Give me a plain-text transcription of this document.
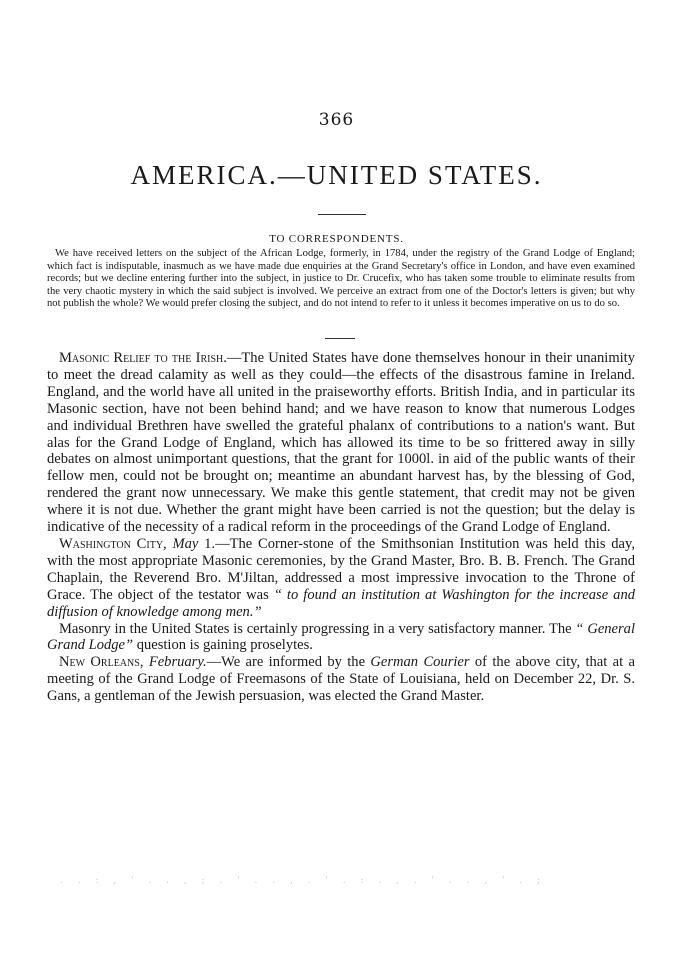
366
AMERICA.—UNITED STATES.
TO CORRESPONDENTS.

We have received letters on the subject of the African Lodge, formerly, in 1784, under the registry of the Grand Lodge of England; which fact is indisputable, inasmuch as we have made due enquiries at the Grand Secretary's office in London, and have even examined records; but we decline entering further into the subject, in justice to Dr. Crucefix, who has taken some trouble to eliminate results from the very chaotic mystery in which the said subject is involved. We perceive an extract from one of the Doctor's letters is given; but why not publish the whole? We would prefer closing the subject, and do not intend to refer to it unless it becomes imperative on us to do so.

Masonic Relief to the Irish.—The United States have done themselves honour in their unanimity to meet the dread calamity as well as they could—the effects of the disastrous famine in Ireland. England, and the world have all united in the praiseworthy efforts. British India, and in particular its Masonic section, have not been behind hand; and we have reason to know that numerous Lodges and individual Brethren have swelled the grateful phalanx of contributions to a nation's want. But alas for the Grand Lodge of England, which has allowed its time to be so frittered away in silly debates on almost unimportant questions, that the grant for 1000l. in aid of the public wants of their fellow men, could not be brought on; meantime an abundant harvest has, by the blessing of God, rendered the grant now unnecessary. We make this gentle statement, that credit may not be given where it is not due. Whether the grant might have been carried is not the question; but the delay is indicative of the necessity of a radical reform in the proceedings of the Grand Lodge of England.

Washington City, May 1.—The Corner-stone of the Smithsonian Institution was held this day, with the most appropriate Masonic ceremonies, by the Grand Master, Bro. B. B. French. The Grand Chaplain, the Reverend Bro. M'Jiltan, addressed a most impressive invocation to the Throne of Grace. The object of the testator was “ to found an institution at Washington for the increase and diffusion of knowledge among men.”

Masonry in the United States is certainly progressing in a very satisfactory manner. The “ General Grand Lodge” question is gaining proselytes.

New Orleans, February.—We are informed by the German Courier of the above city, that at a meeting of the Grand Lodge of Freemasons of the State of Louisiana, held on December 22, Dr. S. Gans, a gentleman of the Jewish persuasion, was elected the Grand Master.

. . : , ' . . , ; . ' . . , . ' . : . , . ' . . , ' . ;
